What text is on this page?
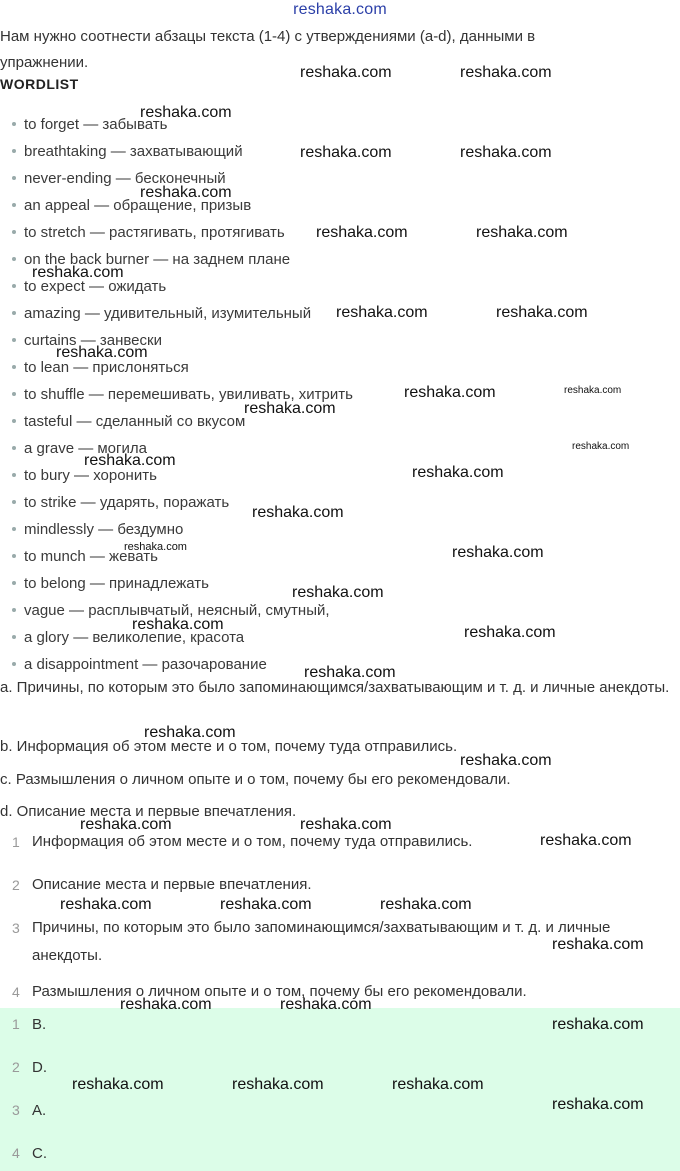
reshaka.com
Нам нужно соотнести абзацы текста (1-4) с утверждениями (a-d), данными в упражнении.
WORDLIST
to forget — забывать
breathtaking — захватывающий
never-ending — бесконечный
an appeal — обращение, призыв
to stretch — растягивать, протягивать
on the back burner — на заднем плане
to expect — ожидать
amazing — удивительный, изумительный
curtains — занвески
to lean — прислоняться
to shuffle — перемешивать, увиливать, хитрить
tasteful — сделанный со вкусом
a grave — могила
to bury — хоронить
to strike — ударять, поражать
mindlessly — бездумно
to munch — жевать
to belong — принадлежать
vague — расплывчатый, неясный, смутный,
a glory — великолепие, красота
a disappointment — разочарование
a. Причины, по которым это было запоминающимся/захватывающим и т. д. и личные анекдоты.
b. Информация об этом месте и о том, почему туда отправились.
c. Размышления о личном опыте и о том, почему бы его рекомендовали.
d. Описание места и первые впечатления.
1 Информация об этом месте и о том, почему туда отправились.
2 Описание места и первые впечатления.
3 Причины, по которым это было запоминающимся/захватывающим и т. д. и личные анекдоты.
4 Размышления о личном опыте и о том, почему бы его рекомендовали.
1 B.
2 D.
3 A.
4 C.
reshaka.com	reshaka.com
reshaka.com
reshaka.com	reshaka.com
reshaka.com
reshaka.com	reshaka.com
reshaka.com
reshaka.com	reshaka.com
reshaka.com
reshaka.com	reshaka.com
reshaka.com
reshaka.com
reshaka.com
reshaka.com
reshaka.com
reshaka.com	reshaka.com
reshaka.com
reshaka.com	reshaka.com
reshaka.com
reshaka.com
reshaka.com
reshaka.com	reshaka.com
reshaka.com
reshaka.com	reshaka.com	reshaka.com
reshaka.com
reshaka.com	reshaka.com
reshaka.com
reshaka.com	reshaka.com	reshaka.com
reshaka.com
